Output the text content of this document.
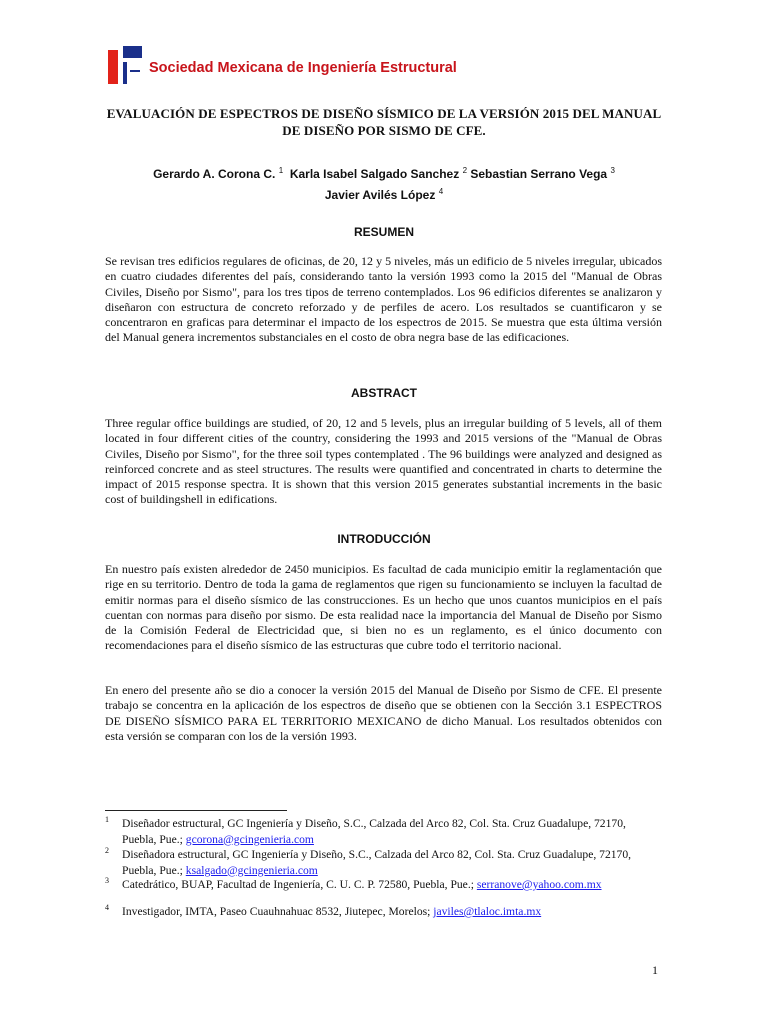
Sociedad Mexicana de Ingeniería Estructural
EVALUACIÓN DE ESPECTROS DE DISEÑO SÍSMICO DE LA VERSIÓN 2015 DEL MANUAL DE DISEÑO POR SISMO DE CFE.
Gerardo A. Corona C. $^1$ Karla Isabel Salgado Sanchez $^2$ Sebastian Serrano Vega $^3$
Javier Avilés López $^4$
RESUMEN

Se revisan tres edificios regulares de oficinas, de 20, 12 y 5 niveles, más un edificio de 5 niveles irregular, ubicados en cuatro ciudades diferentes del país, considerando tanto la versión 1993 como la 2015 del "Manual de Obras Civiles, Diseño por Sismo", para los tres tipos de terreno contemplados. Los 96 edificios diferentes se analizaron y diseñaron con estructura de concreto reforzado y de perfiles de acero. Los resultados se cuantificaron y se concentraron en graficas para determinar el impacto de los espectros de 2015. Se muestra que esta última versión del Manual genera incrementos substanciales en el costo de obra negra base de las edificaciones.

ABSTRACT

Three regular office buildings are studied, of 20, 12 and 5 levels, plus an irregular building of 5 levels, all of them located in four different cities of the country, considering the 1993 and 2015 versions of the "Manual de Obras Civiles, Diseño por Sismo", for the three soil types contemplated . The 96 buildings were analyzed and designed as reinforced concrete and as steel structures. The results were quantified and concentrated in charts to determine the impact of 2015 response spectra. It is shown that this version 2015 generates substantial increments in the basic cost of buildingshell in edifications.

INTRODUCCIÓN

En nuestro país existen alrededor de 2450 municipios. Es facultad de cada municipio emitir la reglamentación que rige en su territorio. Dentro de toda la gama de reglamentos que rigen su funcionamiento se incluyen la facultad de emitir normas para el diseño sísmico de las construcciones. Es un hecho que unos cuantos municipios en el país cuentan con normas para diseño por sismo. De esta realidad nace la importancia del Manual de Diseño por Sismo de la Comisión Federal de Electricidad que, si bien no es un reglamento, es el único documento con recomendaciones para el diseño sísmico de las estructuras que cubre todo el territorio nacional.

En enero del presente año se dio a conocer la versión 2015 del Manual de Diseño por Sismo de CFE. El presente trabajo se concentra en la aplicación de los espectros de diseño que se obtienen con la Sección 3.1 ESPECTROS DE DISEÑO SÍSMICO PARA EL TERRITORIO MEXICANO de dicho Manual. Los resultados obtenidos con esta versión se comparan con los de la versión 1993.

1 Diseñador estructural, GC Ingeniería y Diseño, S.C., Calzada del Arco 82, Col. Sta. Cruz Guadalupe, 72170, Puebla, Pue.; gcorona@gcingenieria.com
2 Diseñadora estructural, GC Ingeniería y Diseño, S.C., Calzada del Arco 82, Col. Sta. Cruz Guadalupe, 72170, Puebla, Pue.; ksalgado@gcingenieria.com
3 Catedrático, BUAP, Facultad de Ingeniería, C. U. C. P. 72580, Puebla, Pue.; serranove@yahoo.com.mx
4 Investigador, IMTA, Paseo Cuauhnahuac 8532, Jiutepec, Morelos; javiles@tlaloc.imta.mx
1
